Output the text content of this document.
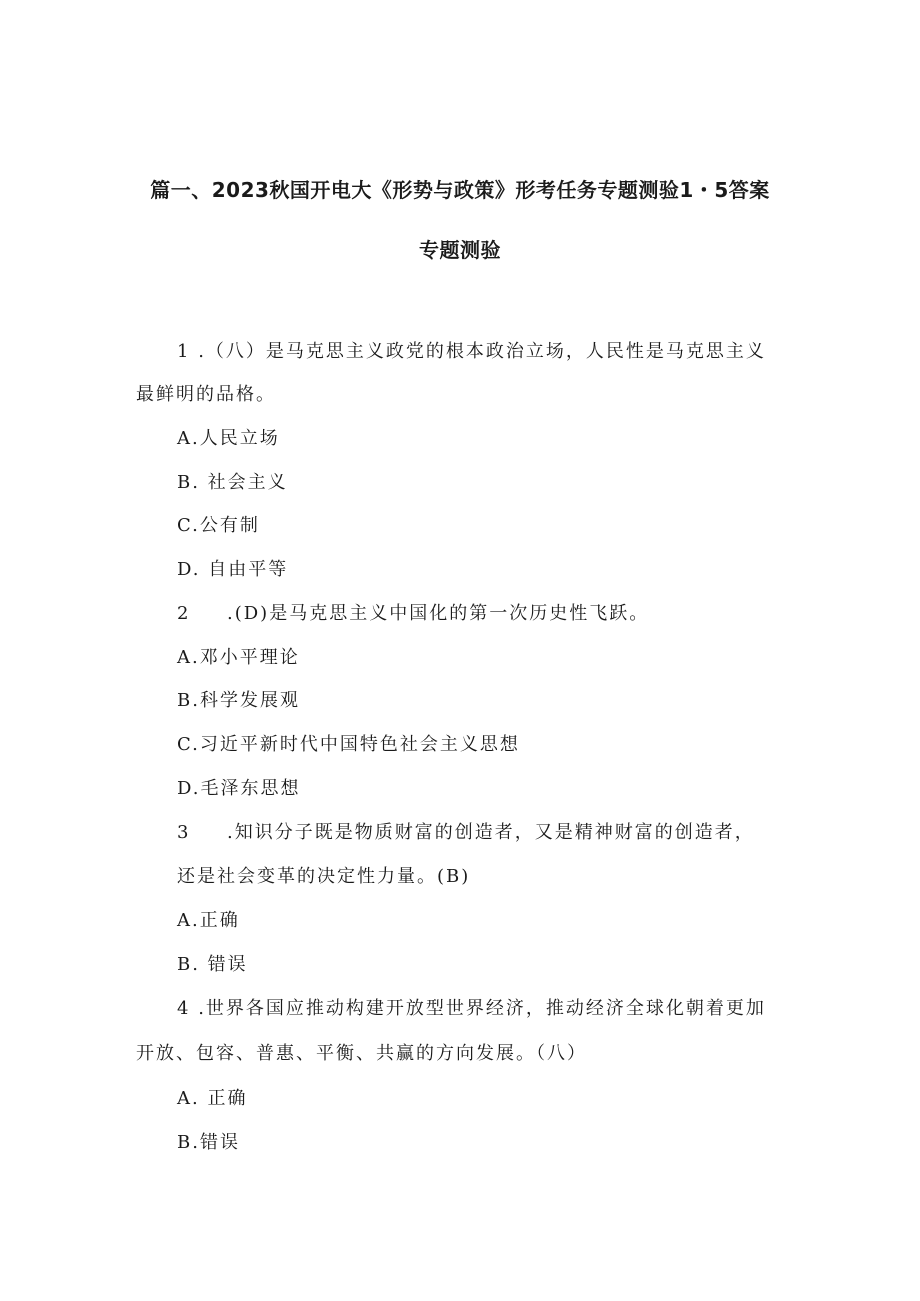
篇一、2023秋国开电大《形势与政策》形考任务专题测验1・5答案
专题测验
1 .（八）是马克思主义政党的根本政治立场，人民性是马克思主义
最鲜明的品格。
A.人民立场
B. 社会主义
C.公有制
D. 自由平等
2 .(D)是马克思主义中国化的第一次历史性飞跃。
A.邓小平理论
B.科学发展观
C.习近平新时代中国特色社会主义思想
D.毛泽东思想
3 .知识分子既是物质财富的创造者，又是精神财富的创造者，
还是社会变革的决定性力量。(B)
A.正确
B. 错误
4 .世界各国应推动构建开放型世界经济，推动经济全球化朝着更加
开放、包容、普惠、平衡、共赢的方向发展。（八）
A. 正确
B.错误
